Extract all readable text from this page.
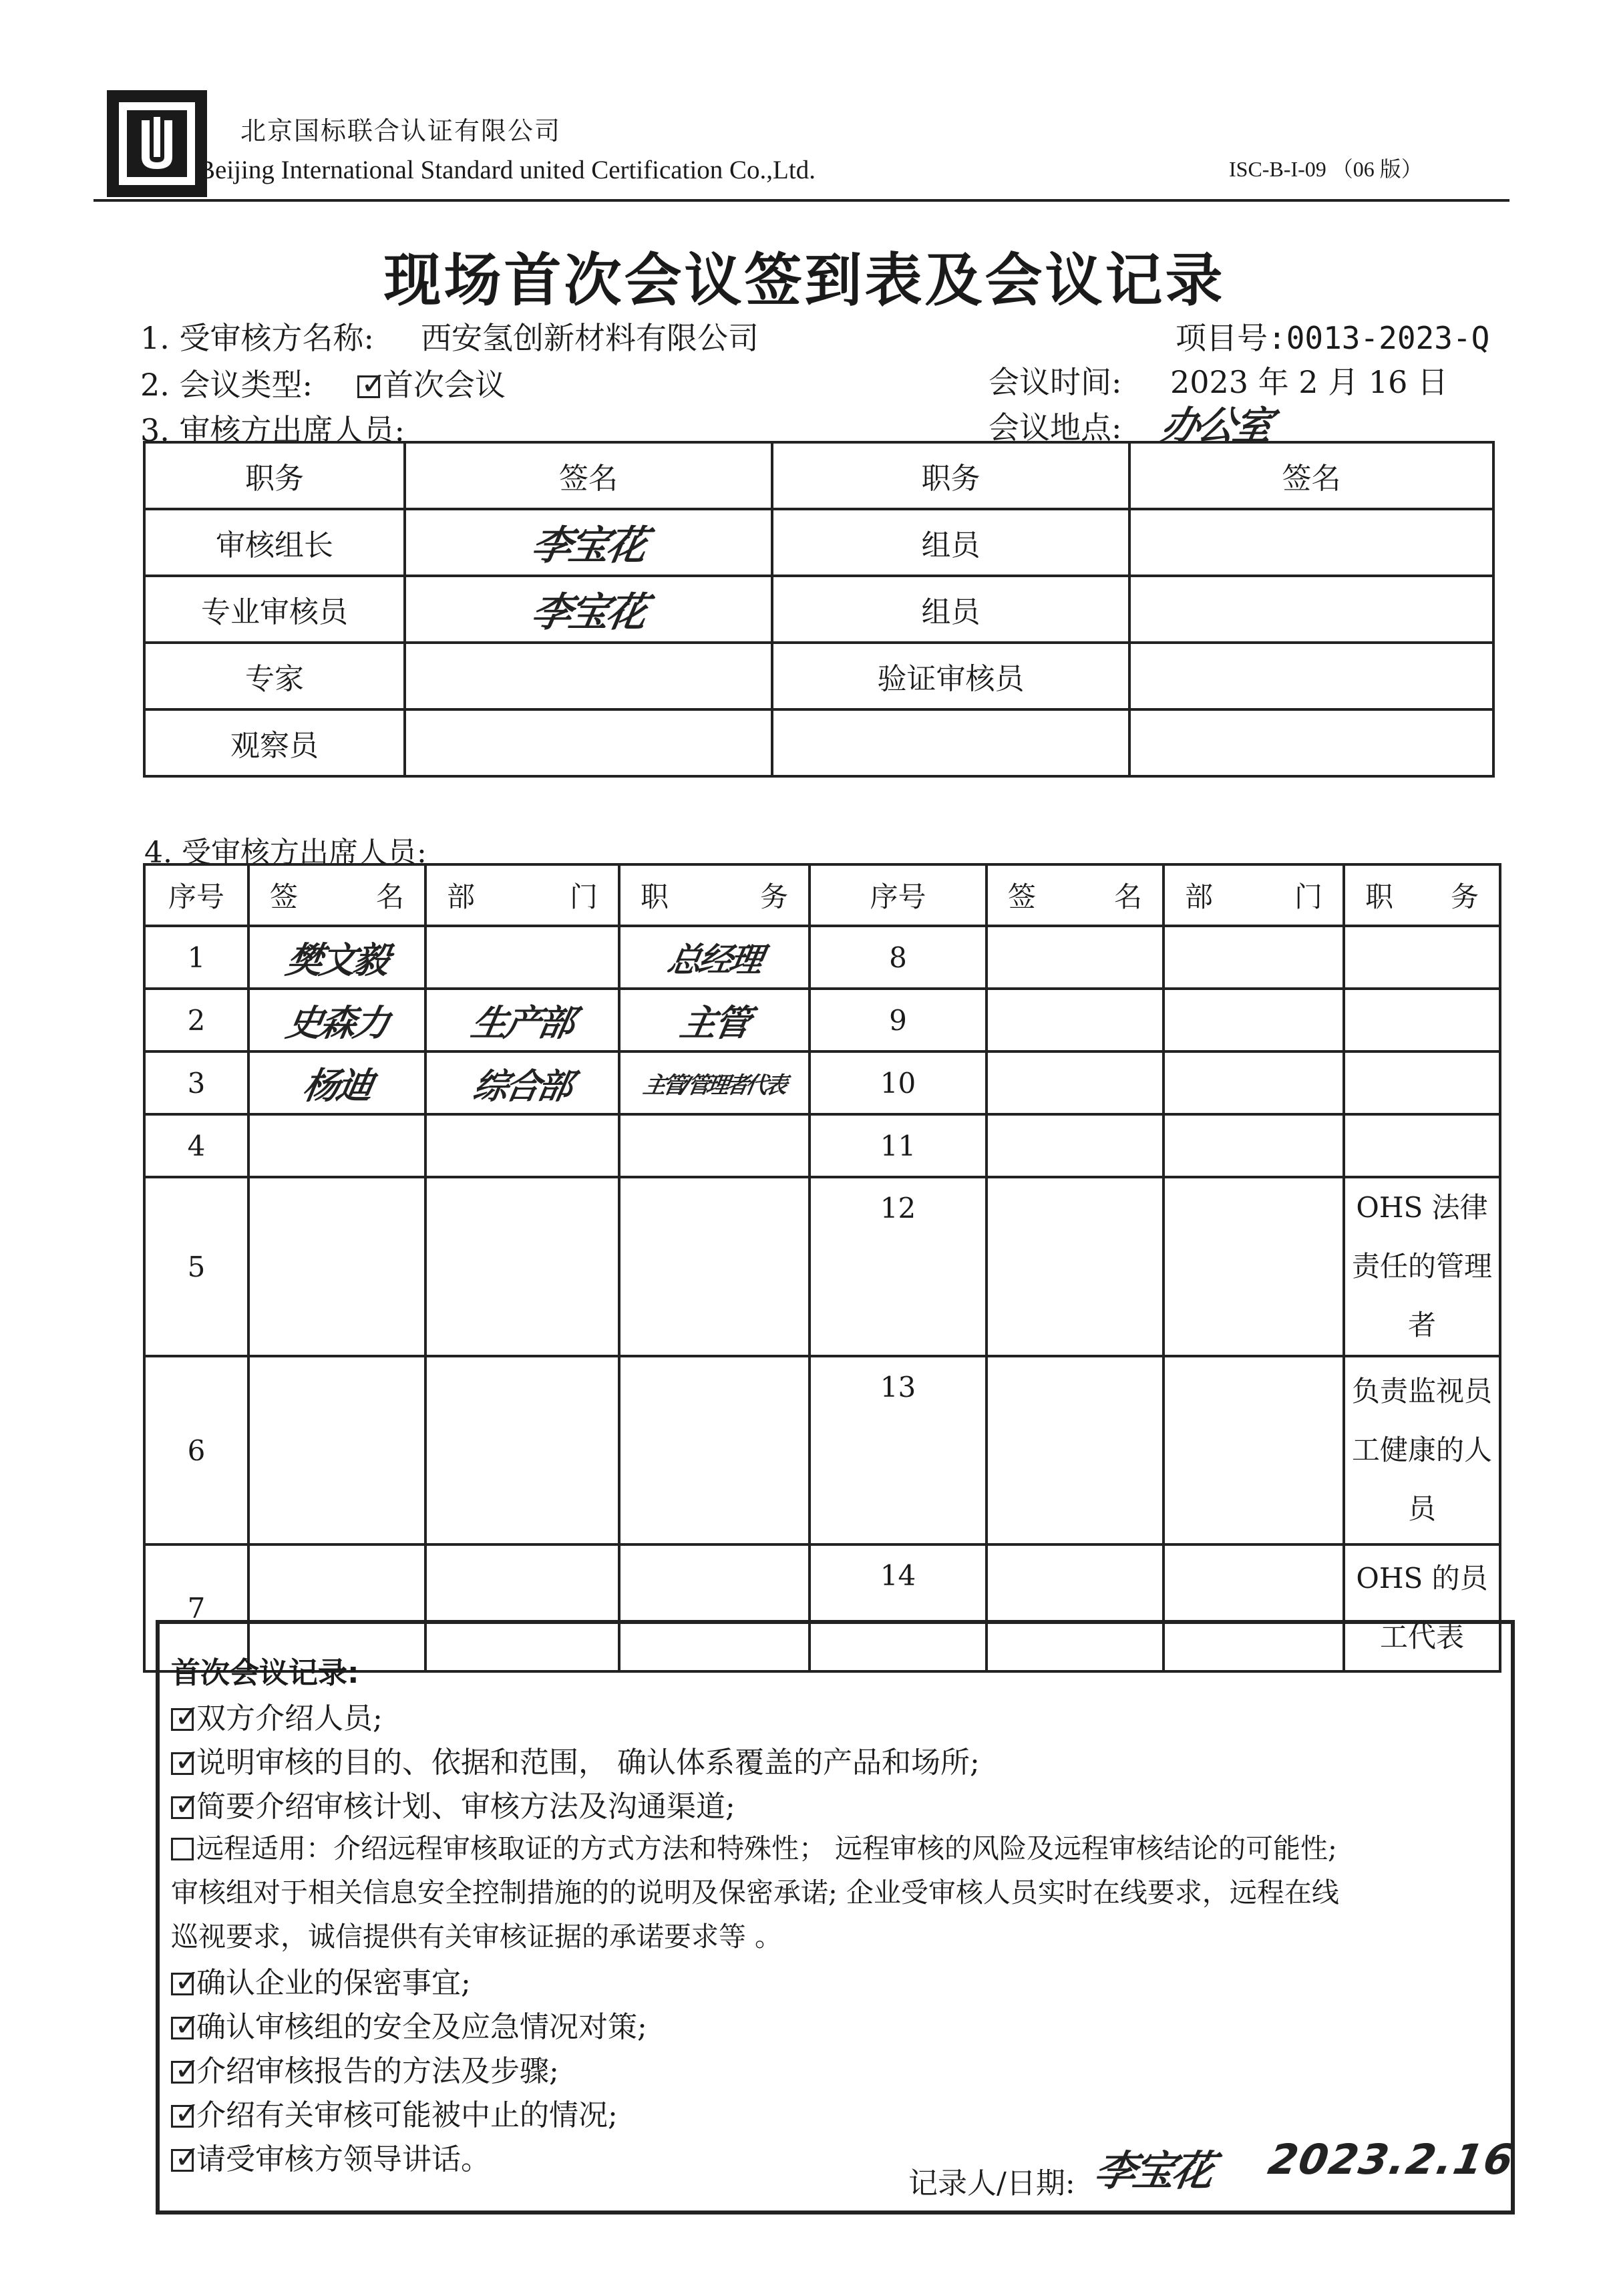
北京国标联合认证有限公司
Beijing International Standard united Certification Co.,Ltd.	ISC-B-I-09 （06 版）
现场首次会议签到表及会议记录
1. 受审核方名称: 西安氢创新材料有限公司	项目号:0013-2023-Q
2. 会议类型: ✓	首次会议	会议时间: 2023 年 2 月 16 日
3. 审核方出席人员:	会议地点: 办公室
职务	签名	职务	签名
审核组长	李宝花	组员	
专业审核员	李宝花	组员	
专家		验证审核员	
观察员			
4. 受审核方出席人员:
序号	签 名	部 门	职 务	序号	签 名	部 门	职 务
1	樊文毅		总经理	8			
2	史森力	生产部	主管	9			
3	杨迪	综合部	主管/管理者代表	10			
4				11			
5				12			OHS 法律责任的管理者
6				13			负责监视员工健康的人员
7				14			OHS 的员工代表
首次会议记录:
✓双方介绍人员;
✓说明审核的目的、依据和范围， 确认体系覆盖的产品和场所;
✓简要介绍审核计划、审核方法及沟通渠道;
远程适用：介绍远程审核取证的方式方法和特殊性； 远程审核的风险及远程审核结论的可能性;
审核组对于相关信息安全控制措施的的说明及保密承诺; 企业受审核人员实时在线要求，远程在线
巡视要求，诚信提供有关审核证据的承诺要求等 。
✓确认企业的保密事宜;
✓确认审核组的安全及应急情况对策;
✓介绍审核报告的方法及步骤;
✓介绍有关审核可能被中止的情况;
✓请受审核方领导讲话。
记录人/日期: 李宝花 2023.2.16
